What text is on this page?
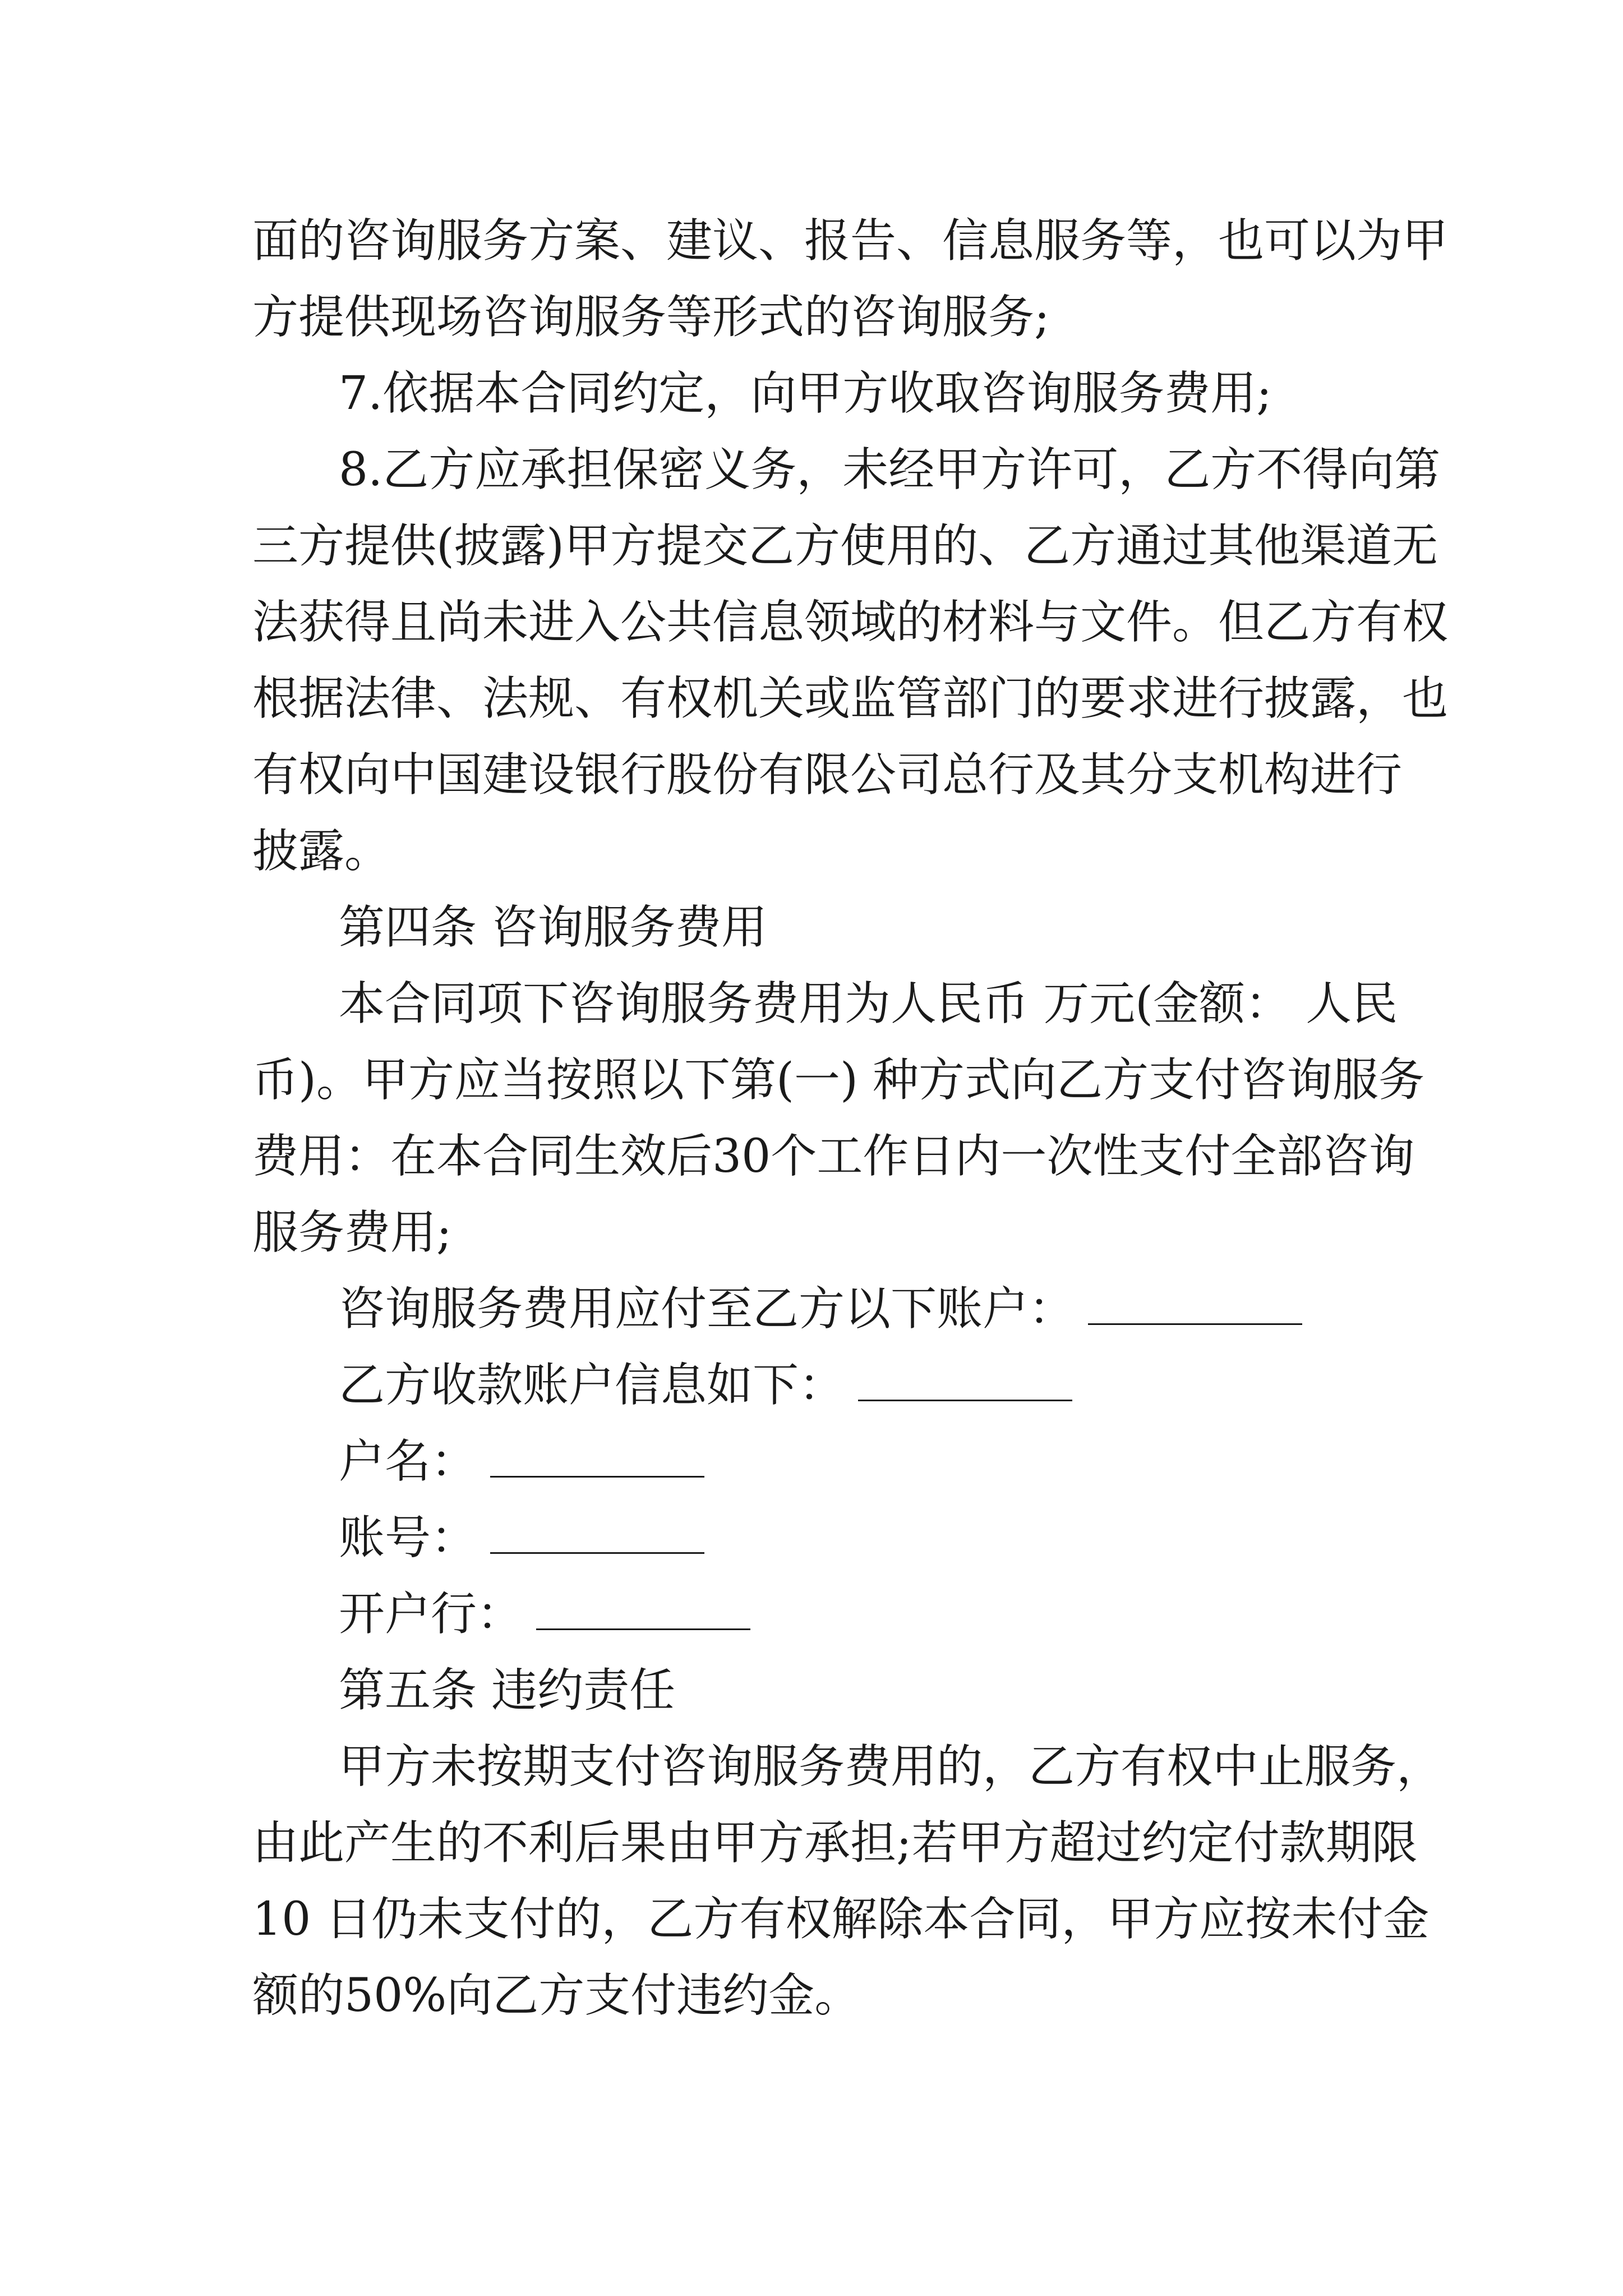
面的咨询服务方案、建议、报告、信息服务等，也可以为甲
方提供现场咨询服务等形式的咨询服务;
7.依据本合同约定，向甲方收取咨询服务费用;
8.乙方应承担保密义务，未经甲方许可，乙方不得向第
三方提供(披露)甲方提交乙方使用的、乙方通过其他渠道无
法获得且尚未进入公共信息领域的材料与文件。但乙方有权
根据法律、法规、有权机关或监管部门的要求进行披露，也
有权向中国建设银行股份有限公司总行及其分支机构进行
披露。
第四条 咨询服务费用
本合同项下咨询服务费用为人民币 万元(金额： 人民
币)。甲方应当按照以下第(一) 种方式向乙方支付咨询服务
费用：在本合同生效后30个工作日内一次性支付全部咨询
服务费用;
咨询服务费用应付至乙方以下账户：
乙方收款账户信息如下：
户名：
账号：
开户行：
第五条 违约责任
甲方未按期支付咨询服务费用的，乙方有权中止服务，
由此产生的不利后果由甲方承担;若甲方超过约定付款期限
10 日仍未支付的，乙方有权解除本合同，甲方应按未付金
额的50%向乙方支付违约金。
